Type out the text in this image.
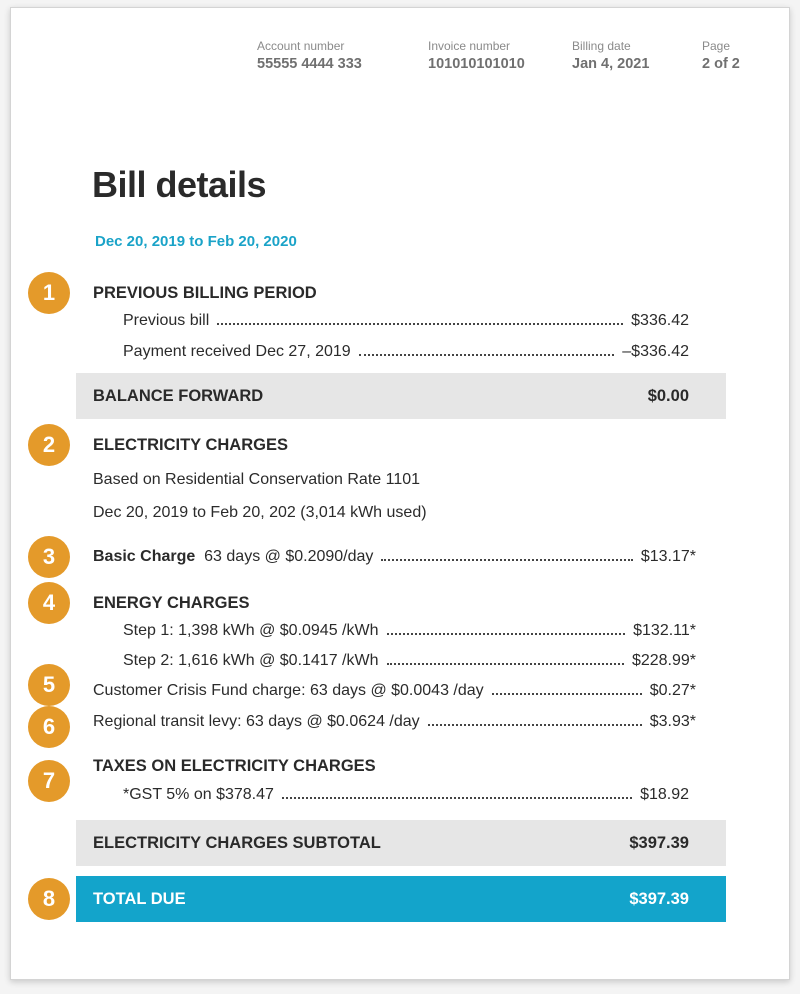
Account number
55555 4444 333
Invoice number
101010101010
Billing date
Jan 4, 2021
Page
2 of 2
Bill details
Dec 20, 2019 to Feb 20, 2020
1
2
3
4
5
6
7
8
PREVIOUS BILLING PERIOD
Previous bill	$336.42
Payment received Dec 27, 2019	–$336.42
BALANCE FORWARD	$0.00
ELECTRICITY CHARGES
Based on Residential Conservation Rate 1101
Dec 20, 2019 to Feb 20, 202 (3,014 kWh used)
Basic Charge 63 days @ $0.2090/day	$13.17*
ENERGY CHARGES
Step 1: 1,398 kWh @ $0.0945 /kWh	$132.11*
Step 2: 1,616 kWh @ $0.1417 /kWh	$228.99*
Customer Crisis Fund charge: 63 days @ $0.0043 /day	$0.27*
Regional transit levy: 63 days @ $0.0624 /day	$3.93*
TAXES ON ELECTRICITY CHARGES
*GST 5% on $378.47	$18.92
ELECTRICITY CHARGES SUBTOTAL	$397.39
TOTAL DUE	$397.39
